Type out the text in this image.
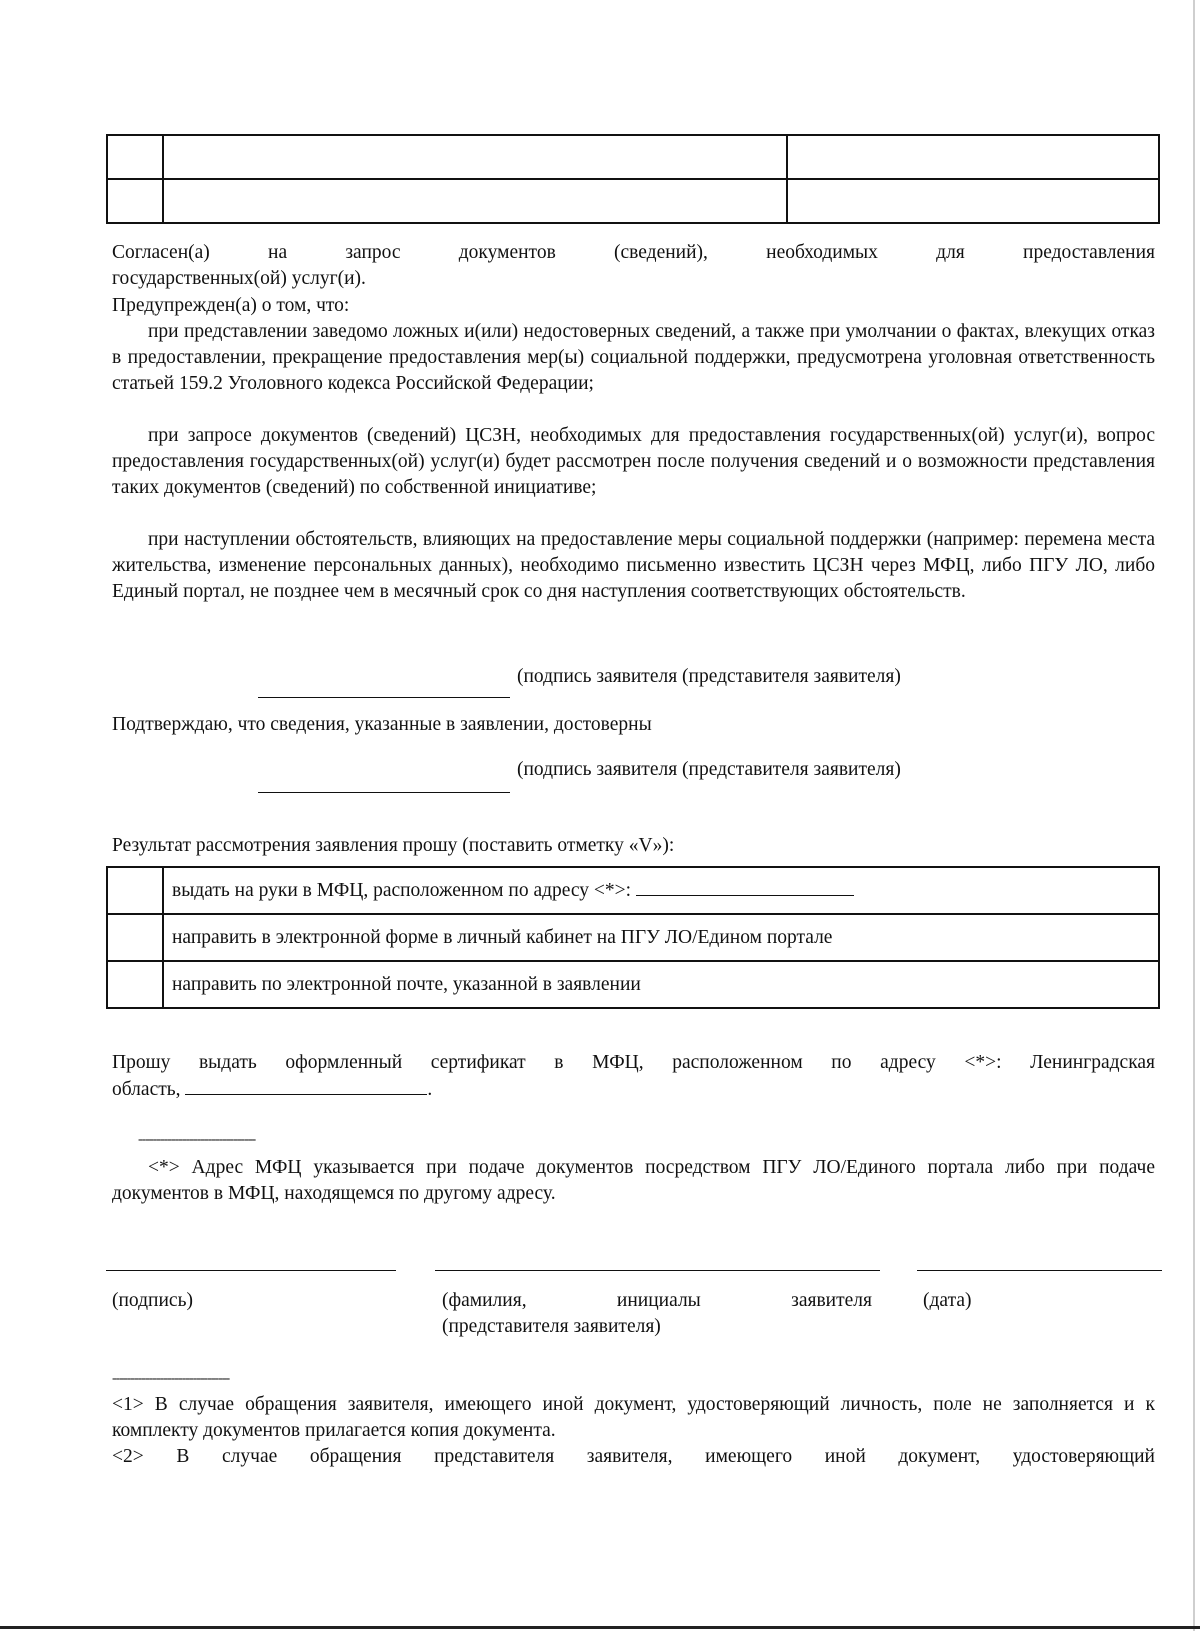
Согласен(а) на запрос документов (сведений), необходимых для предоставления
государственных(ой) услуг(и).
Предупрежден(а) о том, что:
при представлении заведомо ложных и(или) недостоверных сведений, а также при умолчании о фактах, влекущих отказ в предоставлении, прекращение предоставления мер(ы) социальной поддержки, предусмотрена уголовная ответственность статьей 159.2 Уголовного кодекса Российской Федерации;
при запросе документов (сведений) ЦСЗН, необходимых для предоставления государственных(ой) услуг(и), вопрос предоставления государственных(ой) услуг(и) будет рассмотрен после получения сведений и о возможности представления таких документов (сведений) по собственной инициативе;
при наступлении обстоятельств, влияющих на предоставление меры социальной поддержки (например: перемена места жительства, изменение персональных данных), необходимо письменно известить ЦСЗН через МФЦ, либо ПГУ ЛО, либо Единый портал, не позднее чем в месячный срок со дня наступления соответствующих обстоятельств.
(подпись заявителя (представителя заявителя)
Подтверждаю, что сведения, указанные в заявлении, достоверны
(подпись заявителя (представителя заявителя)
Результат рассмотрения заявления прошу (поставить отметку «V»):
	выдать на руки в МФЦ, расположенном по адресу <*>:
	направить в электронной форме в личный кабинет на ПГУ ЛО/Едином портале
	направить по электронной почте, указанной в заявлении
Прошу выдать оформленный сертификат в МФЦ, расположенном по адресу <*>: Ленинградская
область,	.
--------------------------------
<*> Адрес МФЦ указывается при подаче документов посредством ПГУ ЛО/Единого портала либо при подаче документов в МФЦ, находящемся по другому адресу.
(подпись)	(фамилия, инициалы заявителя
(представителя заявителя)
(дата)
--------------------------------
<1> В случае обращения заявителя, имеющего иной документ, удостоверяющий личность, поле не заполняется и к комплекту документов прилагается копия документа.
<2> В случае обращения представителя заявителя, имеющего иной документ, удостоверяющий
